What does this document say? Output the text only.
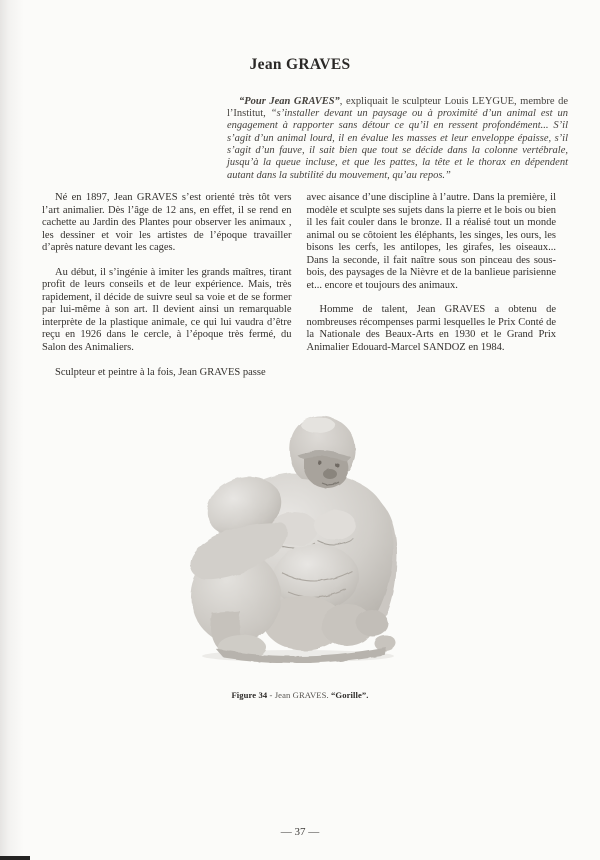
Jean GRAVES

“Pour Jean GRAVES”, expliquait le sculpteur Louis LEYGUE, membre de l’Institut, “s’installer devant un paysage ou à proximité d’un animal est un engagement à rapporter sans détour ce qu’il en ressent profondément... S’il s’agit d’un animal lourd, il en évalue les masses et leur enveloppe épaisse, s’il s’agit d’un fauve, il sait bien que tout se décide dans la colonne vertébrale, jusqu’à la queue incluse, et que les pattes, la tête et le thorax en dépendent autant dans la subtilité du mouvement, qu’au repos.”

Né en 1897, Jean GRAVES s’est orienté très tôt vers l’art animalier. Dès l’âge de 12 ans, en effet, il se rend en cachette au Jardin des Plantes pour observer les animaux , les dessiner et voir les artistes de l’époque travailler d’après nature devant les cages.

Au début, il s’ingénie à imiter les grands maîtres, tirant profit de leurs conseils et de leur expérience. Mais, très rapidement, il décide de suivre seul sa voie et de se former par lui-même à son art. Il devient ainsi un remarquable interprète de la plastique animale, ce qui lui vaudra d’être reçu en 1926 dans le cercle, à l’époque très fermé, du Salon des Animaliers.

Sculpteur et peintre à la fois, Jean GRAVES passe

avec aisance d’une discipline à l’autre. Dans la première, il modèle et sculpte ses sujets dans la pierre et le bois ou bien il les fait couler dans le bronze. Il a réalisé tout un monde animal ou se côtoient les éléphants, les singes, les ours, les bisons les cerfs, les antilopes, les girafes, les oiseaux... Dans la seconde, il fait naître sous son pinceau des sous-bois, des paysages de la Nièvre et de la banlieue parisienne et... encore et toujours des animaux.

Homme de talent, Jean GRAVES a obtenu de nombreuses récompenses parmi lesquelles le Prix Conté de la Nationale des Beaux-Arts en 1930 et le Grand Prix Animalier Edouard-Marcel SANDOZ en 1984.

Figure 34 - Jean GRAVES. “Gorille”.

— 37 —
